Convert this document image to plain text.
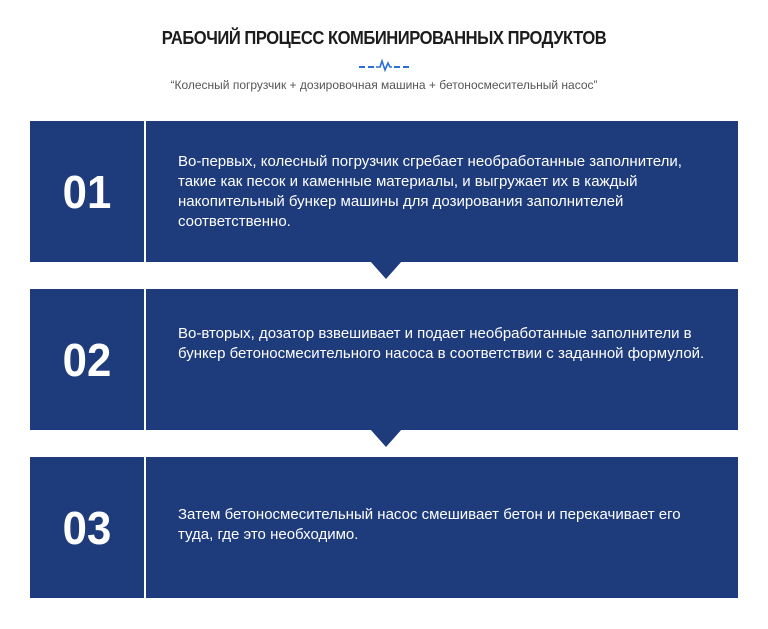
РАБОЧИЙ ПРОЦЕСС КОМБИНИРОВАННЫХ ПРОДУКТОВ
“Колесный погрузчик + дозировочная машина + бетоносмесительный насос”
01
Во-первых, колесный погрузчик сгребает необработанные заполнители, такие как песок и каменные материалы, и выгружает их в каждый накопительный бункер машины для дозирования заполнителей соответственно.
02	Во-вторых, дозатор взвешивает и подает необработанные заполнители в бункер бетоносмесительного насоса в соответствии с заданной формулой.
03	Затем бетоносмесительный насос смешивает бетон и перекачивает его туда, где это необходимо.
